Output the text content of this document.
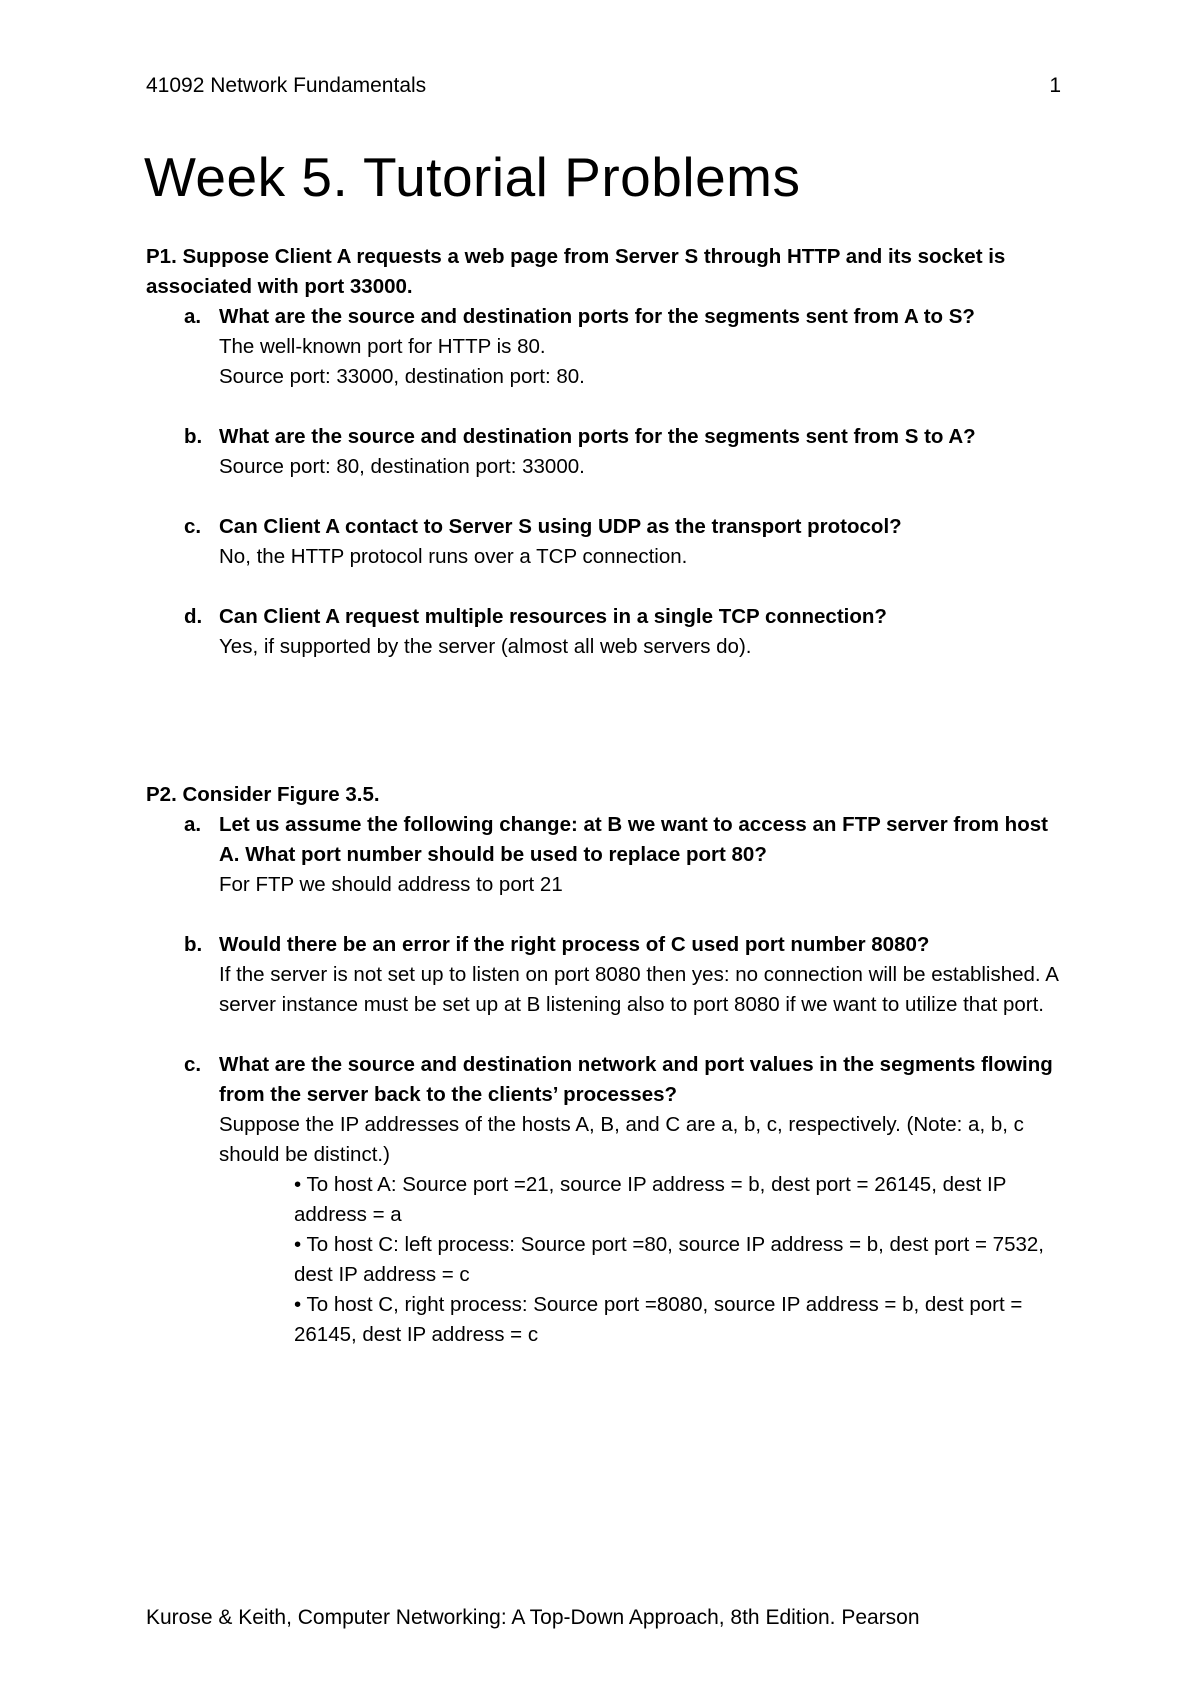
41092 Network Fundamentals	1
Week 5. Tutorial Problems

P1. Suppose Client A requests a web page from Server S through HTTP and its socket is associated with port 33000.

a. What are the source and destination ports for the segments sent from A to S?
The well-known port for HTTP is 80.
Source port: 33000, destination port: 80.
b. What are the source and destination ports for the segments sent from S to A?
Source port: 80, destination port: 33000.
c. Can Client A contact to Server S using UDP as the transport protocol?
No, the HTTP protocol runs over a TCP connection.
d. Can Client A request multiple resources in a single TCP connection?
Yes, if supported by the server (almost all web servers do).

P2. Consider Figure 3.5.

a. Let us assume the following change: at B we want to access an FTP server from host A. What port number should be used to replace port 80?
For FTP we should address to port 21
b. Would there be an error if the right process of C used port number 8080?
If the server is not set up to listen on port 8080 then yes: no connection will be established. A server instance must be set up at B listening also to port 8080 if we want to utilize that port.
c. What are the source and destination network and port values in the segments flowing from the server back to the clients’ processes?
Suppose the IP addresses of the hosts A, B, and C are a, b, c, respectively. (Note: a, b, c should be distinct.)
• To host A: Source port =21, source IP address = b, dest port = 26145, dest IP address = a
• To host C: left process: Source port =80, source IP address = b, dest port = 7532, dest IP address = c
• To host C, right process: Source port =8080, source IP address = b, dest port = 26145, dest IP address = c
Kurose & Keith, Computer Networking: A Top-Down Approach, 8th Edition. Pearson
